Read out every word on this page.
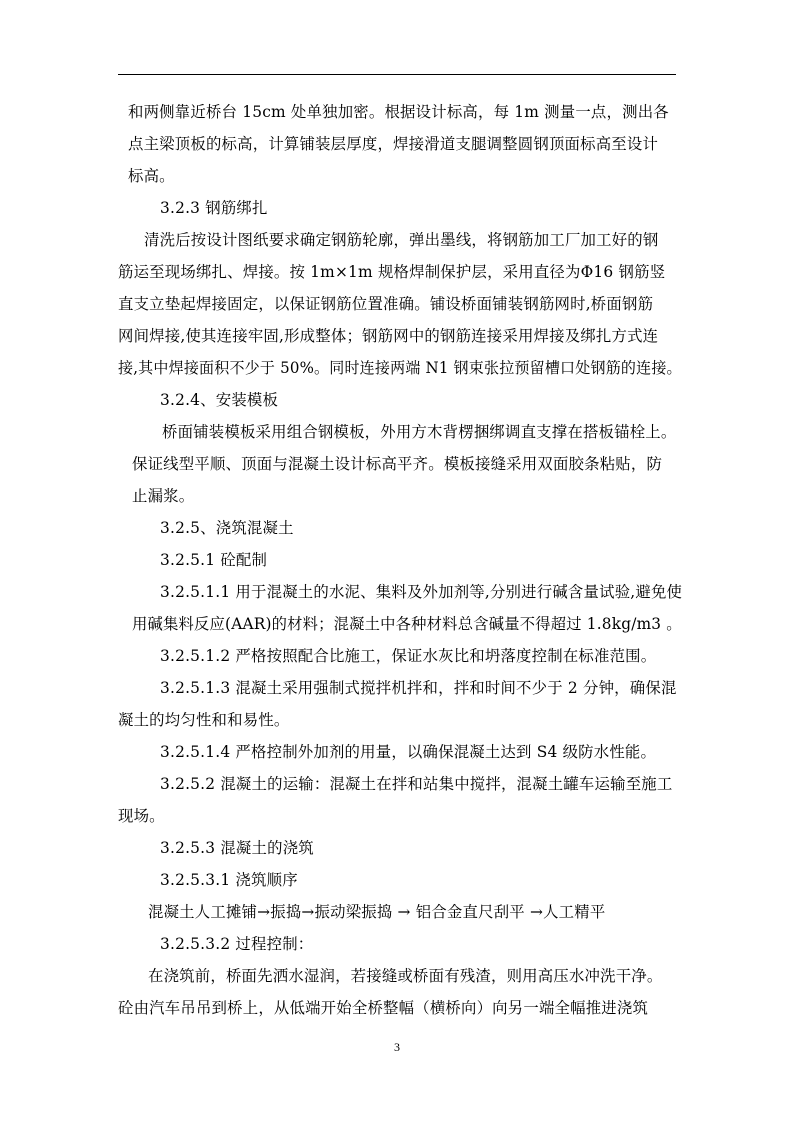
和两侧靠近桥台 15cm 处单独加密。根据设计标高，每 1m 测量一点，测出各
点主梁顶板的标高，计算铺装层厚度，焊接滑道支腿调整圆钢顶面标高至设计
标高。
3.2.3 钢筋绑扎
清洗后按设计图纸要求确定钢筋轮廓，弹出墨线，将钢筋加工厂加工好的钢
筋运至现场绑扎、焊接。按 1m×1m 规格焊制保护层，采用直径为Φ16 钢筋竖
直支立垫起焊接固定，以保证钢筋位置准确。铺设桥面铺装钢筋网时,桥面钢筋
网间焊接,使其连接牢固,形成整体；钢筋网中的钢筋连接采用焊接及绑扎方式连
接,其中焊接面积不少于 50%。同时连接两端 N1 钢束张拉预留槽口处钢筋的连接。
3.2.4、安装模板
桥面铺装模板采用组合钢模板，外用方木背楞捆绑调直支撑在搭板锚栓上。
保证线型平顺、顶面与混凝土设计标高平齐。模板接缝采用双面胶条粘贴，防
止漏浆。
3.2.5、浇筑混凝土
3.2.5.1 砼配制
3.2.5.1.1 用于混凝土的水泥、集料及外加剂等,分别进行碱含量试验,避免使
用碱集料反应(AAR)的材料；混凝土中各种材料总含碱量不得超过 1.8kg/m3 。
3.2.5.1.2 严格按照配合比施工，保证水灰比和坍落度控制在标准范围。
3.2.5.1.3 混凝土采用强制式搅拌机拌和，拌和时间不少于 2 分钟，确保混
凝土的均匀性和和易性。
3.2.5.1.4 严格控制外加剂的用量，以确保混凝土达到 S4 级防水性能。
3.2.5.2 混凝土的运输：混凝土在拌和站集中搅拌，混凝土罐车运输至施工
现场。
3.2.5.3 混凝土的浇筑
3.2.5.3.1 浇筑顺序
混凝土人工摊铺→振捣→振动梁振捣 → 铝合金直尺刮平 →人工精平
3.2.5.3.2 过程控制：
在浇筑前，桥面先洒水湿润，若接缝或桥面有残渣，则用高压水冲洗干净。
砼由汽车吊吊到桥上，从低端开始全桥整幅（横桥向）向另一端全幅推进浇筑
3
